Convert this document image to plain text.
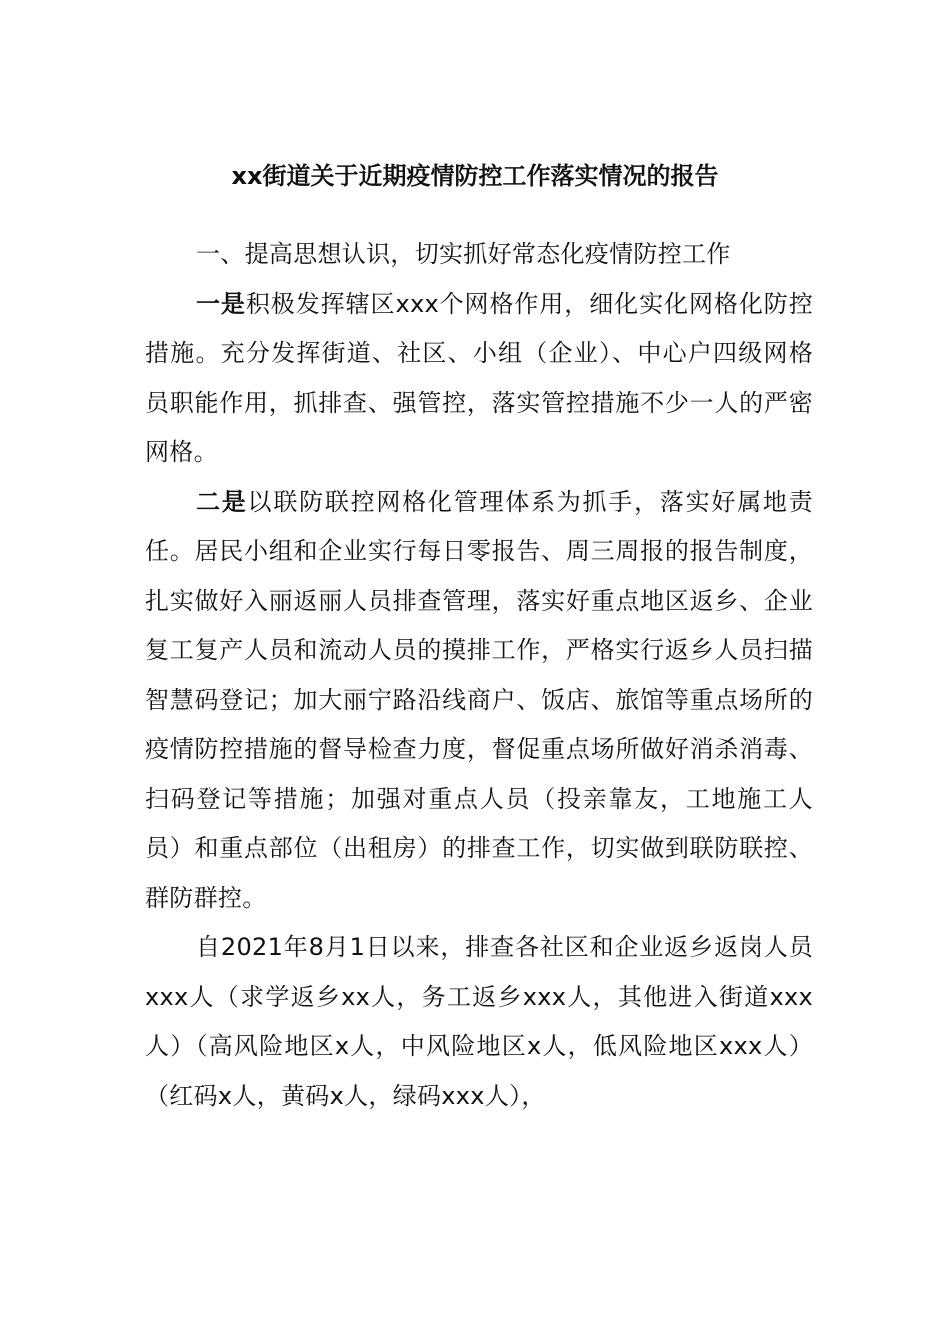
xx街道关于近期疫情防控工作落实情况的报告

一、提高思想认识，切实抓好常态化疫情防控工作

一是积极发挥辖区xxx个网格作用，细化实化网格化防控措施。充分发挥街道、社区、小组（企业）、中心户四级网格员职能作用，抓排查、强管控，落实管控措施不少一人的严密网格。

二是以联防联控网格化管理体系为抓手，落实好属地责任。居民小组和企业实行每日零报告、周三周报的报告制度，扎实做好入丽返丽人员排查管理，落实好重点地区返乡、企业复工复产人员和流动人员的摸排工作，严格实行返乡人员扫描智慧码登记；加大丽宁路沿线商户、饭店、旅馆等重点场所的疫情防控措施的督导检查力度，督促重点场所做好消杀消毒、扫码登记等措施；加强对重点人员（投亲靠友，工地施工人员）和重点部位（出租房）的排查工作，切实做到联防联控、群防群控。

自2021年8月1日以来，排查各社区和企业返乡返岗人员xxx人（求学返乡xx人，务工返乡xxx人，其他进入街道xxx人）（高风险地区x人，中风险地区x人，低风险地区xxx人）（红码x人，黄码x人，绿码xxx人），
